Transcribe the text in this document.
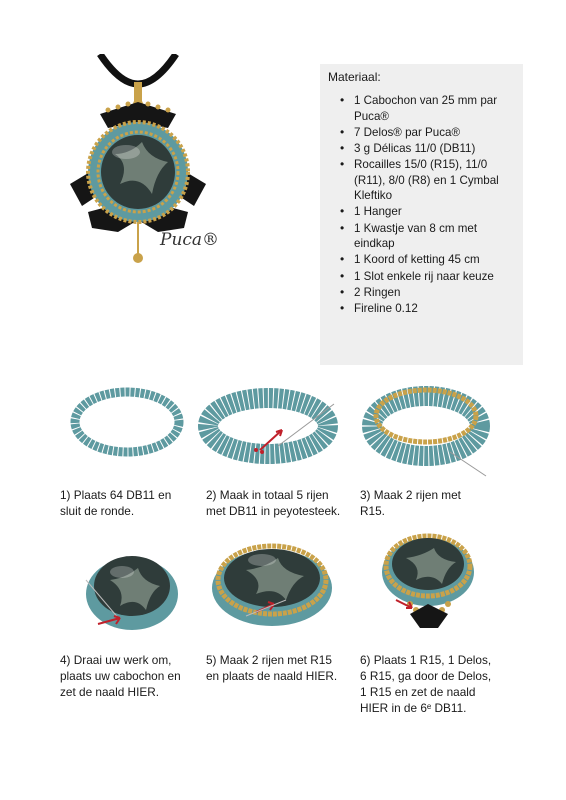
Puca®
Materiaal:
• 1 Cabochon van 25 mm par Puca®
• 7 Delos® par Puca®
• 3 g Délicas 11/0 (DB11)
• Rocailles 15/0 (R15), 11/0 (R11), 8/0 (R8) en 1 Cymbal Kleftiko
• 1 Hanger
• 1 Kwastje van 8 cm met eindkap
• 1 Koord of ketting 45 cm
• 1 Slot enkele rij naar keuze
• 2 Ringen
• Fireline 0.12
1) Plaats 64 DB11 en
sluit de ronde.
2) Maak in totaal 5 rijen
met DB11 in peyotesteek.
3) Maak 2 rijen met
R15.
4) Draai uw werk om,
plaats uw cabochon en
zet de naald HIER.
5) Maak 2 rijen met R15
en plaats de naald HIER.
6) Plaats 1 R15, 1 Delos,
6 R15, ga door de Delos,
1 R15 en zet de naald
HIER in de 6ᵉ DB11.
